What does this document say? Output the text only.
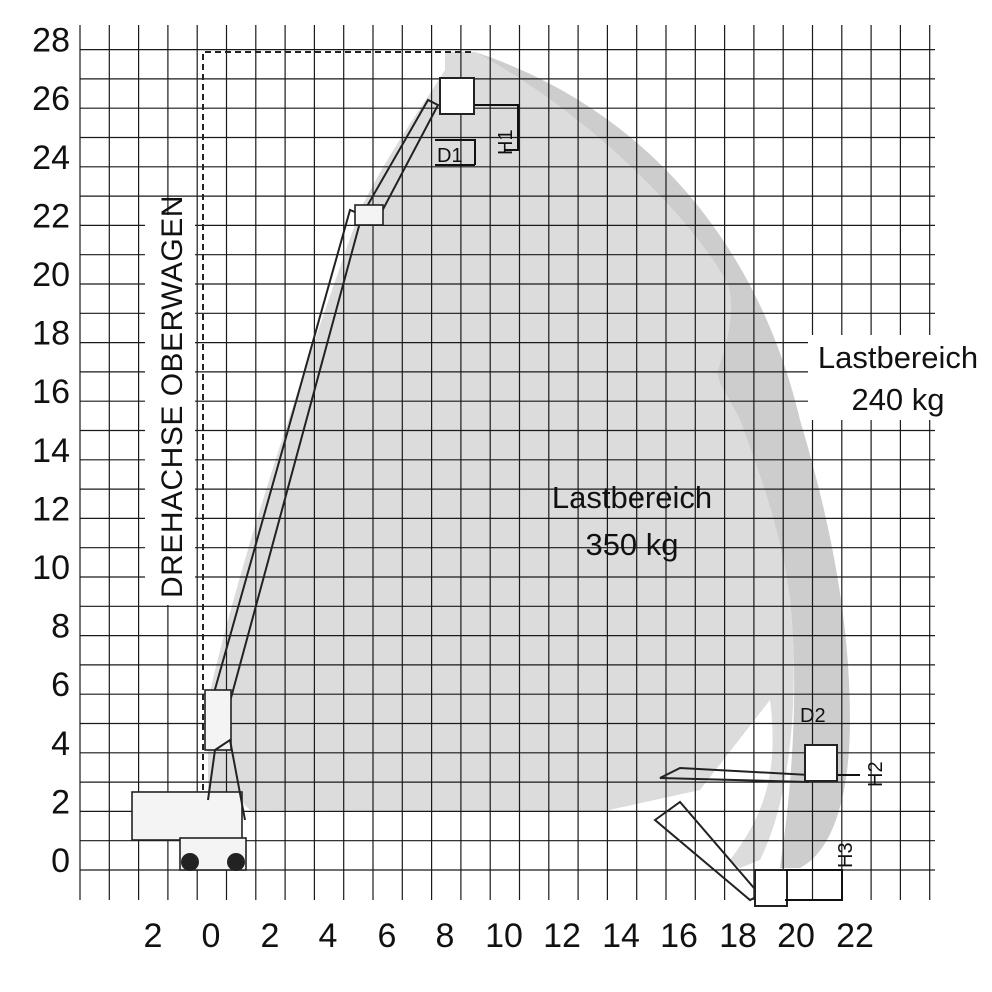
D1
H1
D2
H2
H3
Lastbereich
240 kg
Lastbereich
350 kg
DREHACHSE OBERWAGEN
2 0 2 4 6 8 10 12 14 16 18 20 22
0
2
4
6
8
10
12
14
16
18
20
22
24
26
28
